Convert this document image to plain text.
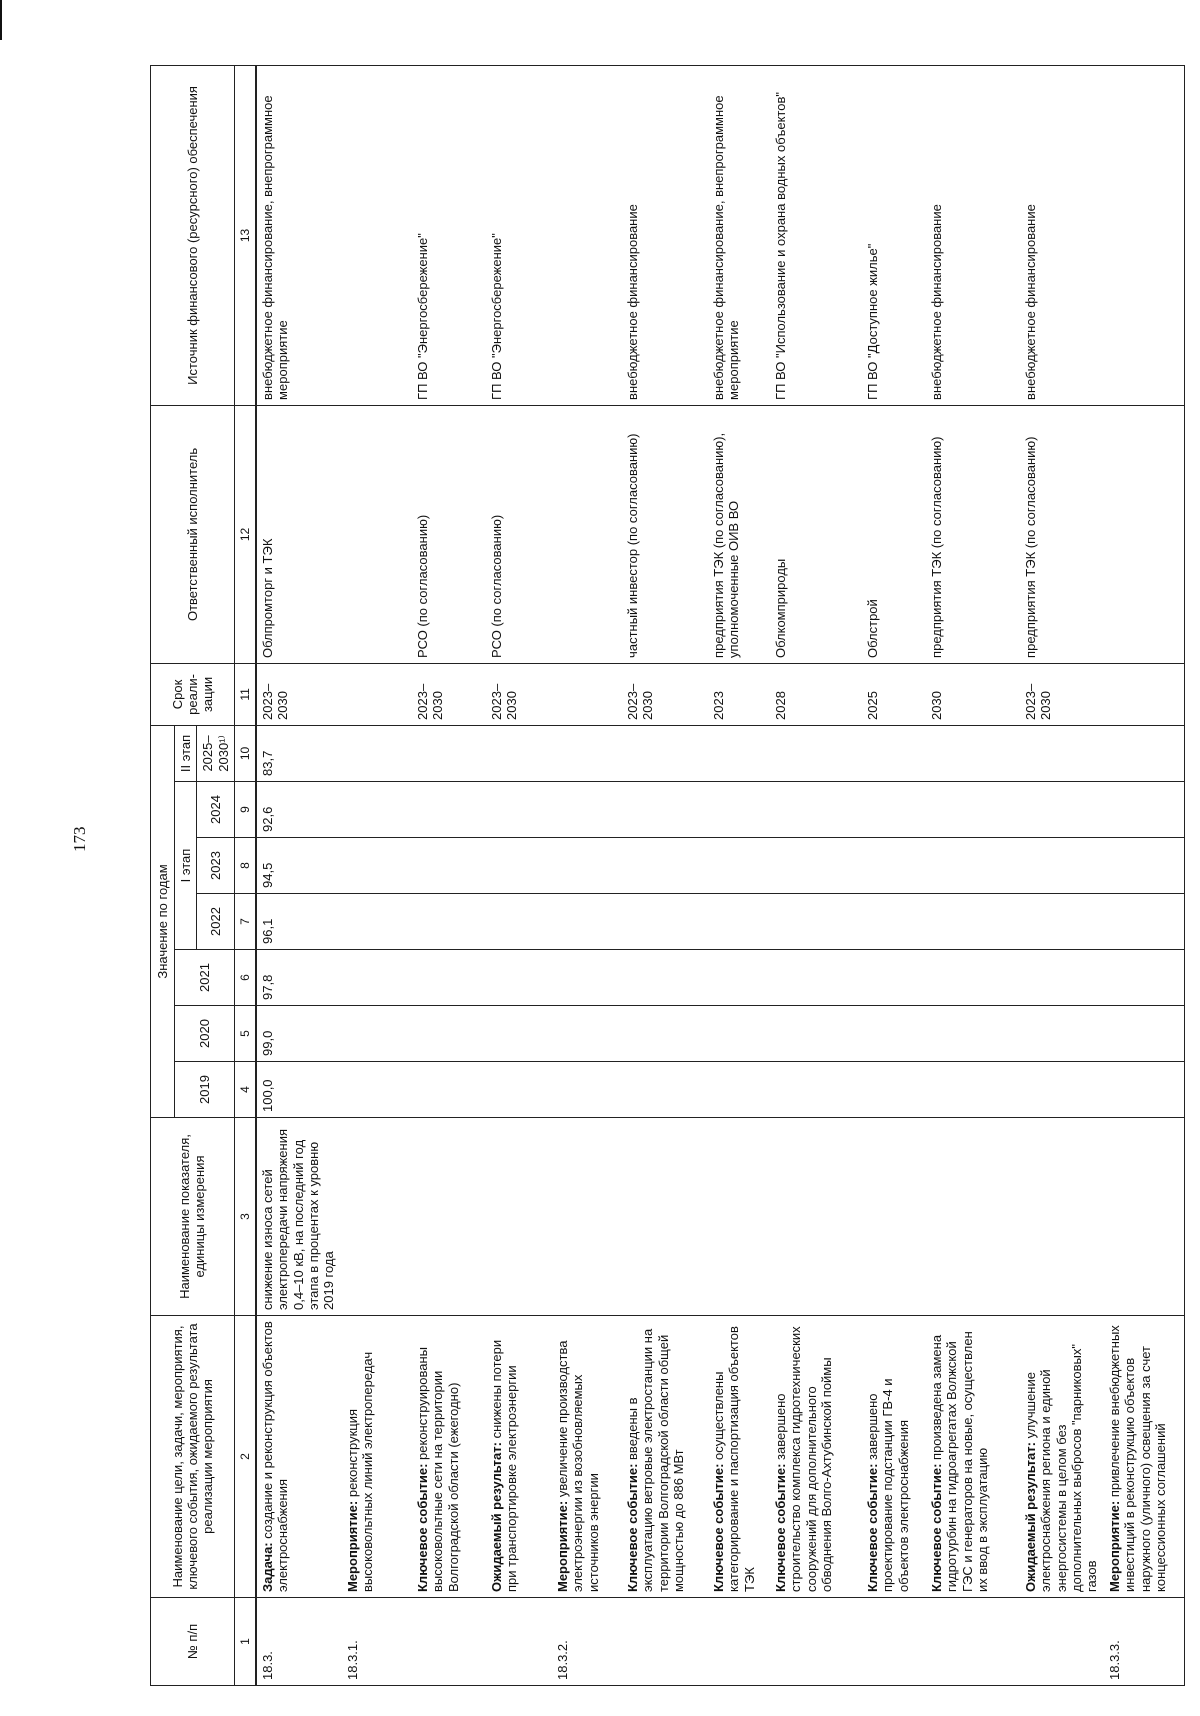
173
№ п/п	Наименование цели, задачи, мероприятия, ключевого события, ожидаемого результата реализации мероприятия	Наименование показателя, единицы измерения	Значение по годам							Срок реали-зации	Ответственный исполнитель	Источник финансового (ресурсного) обеспечения
			2019	2020	2021	I этап			II этап			
						2022	2023	2024	2025–2030¹⁾			
1	2	3	4	5	6	7	8	9	10	11	12	13
18.3.	Задача: создание и реконструкция объектов электроснабжения	снижение износа сетей электропередачи напряжения 0,4–10 кВ, на последний год этапа в процентах к уровню 2019 года	100,0	99,0	97,8	96,1	94,5	92,6	83,7	2023–2030	Облпромторг и ТЭК	внебюджетное финансирование, внепрограммное мероприятие
18.3.1.	Мероприятие: реконструкция высоковольтных линий электропередач											
	Ключевое событие: реконструированы высоковольтные сети на территории Волгоградской области (ежегодно)									2023–2030	РСО (по согласованию)	ГП ВО "Энергосбережение"
	Ожидаемый результат: снижены потери при транспортировке электроэнергии									2023–2030	РСО (по согласованию)	ГП ВО "Энергосбережение"
18.3.2.	Мероприятие: увеличение производства электроэнергии из возобновляемых источников энергии											
	Ключевое событие: введены в эксплуатацию ветровые электростанции на территории Волгоградской области общей мощностью до 886 МВт									2023–2030	частный инвестор (по согласованию)	внебюджетное финансирование
	Ключевое событие: осуществлены категорирование и паспортизация объектов ТЭК									2023	предприятия ТЭК (по согласованию), уполномоченные ОИВ ВО	внебюджетное финансирование, внепрограммное мероприятие
	Ключевое событие: завершено строительство комплекса гидротехнических сооружений для дополнительного обводнения Волго-Ахтубинской поймы									2028	Облкомприроды	ГП ВО "Использование и охрана водных объектов"
	Ключевое событие: завершено проектирование подстанции ГВ-4 и объектов электроснабжения									2025	Облстрой	ГП ВО "Доступное жилье"
	Ключевое событие: произведена замена гидротурбин на гидроагрегатах Волжской ГЭС и генераторов на новые, осуществлен их ввод в эксплуатацию									2030	предприятия ТЭК (по согласованию)	внебюджетное финансирование
	Ожидаемый результат: улучшение электроснабжения региона и единой энергосистемы в целом без дополнительных выбросов "парниковых" газов									2023–2030	предприятия ТЭК (по согласованию)	внебюджетное финансирование
18.3.3.	Мероприятие: привлечение внебюджетных инвестиций в реконструкцию объектов наружного (уличного) освещения за счет концессионных соглашений											
